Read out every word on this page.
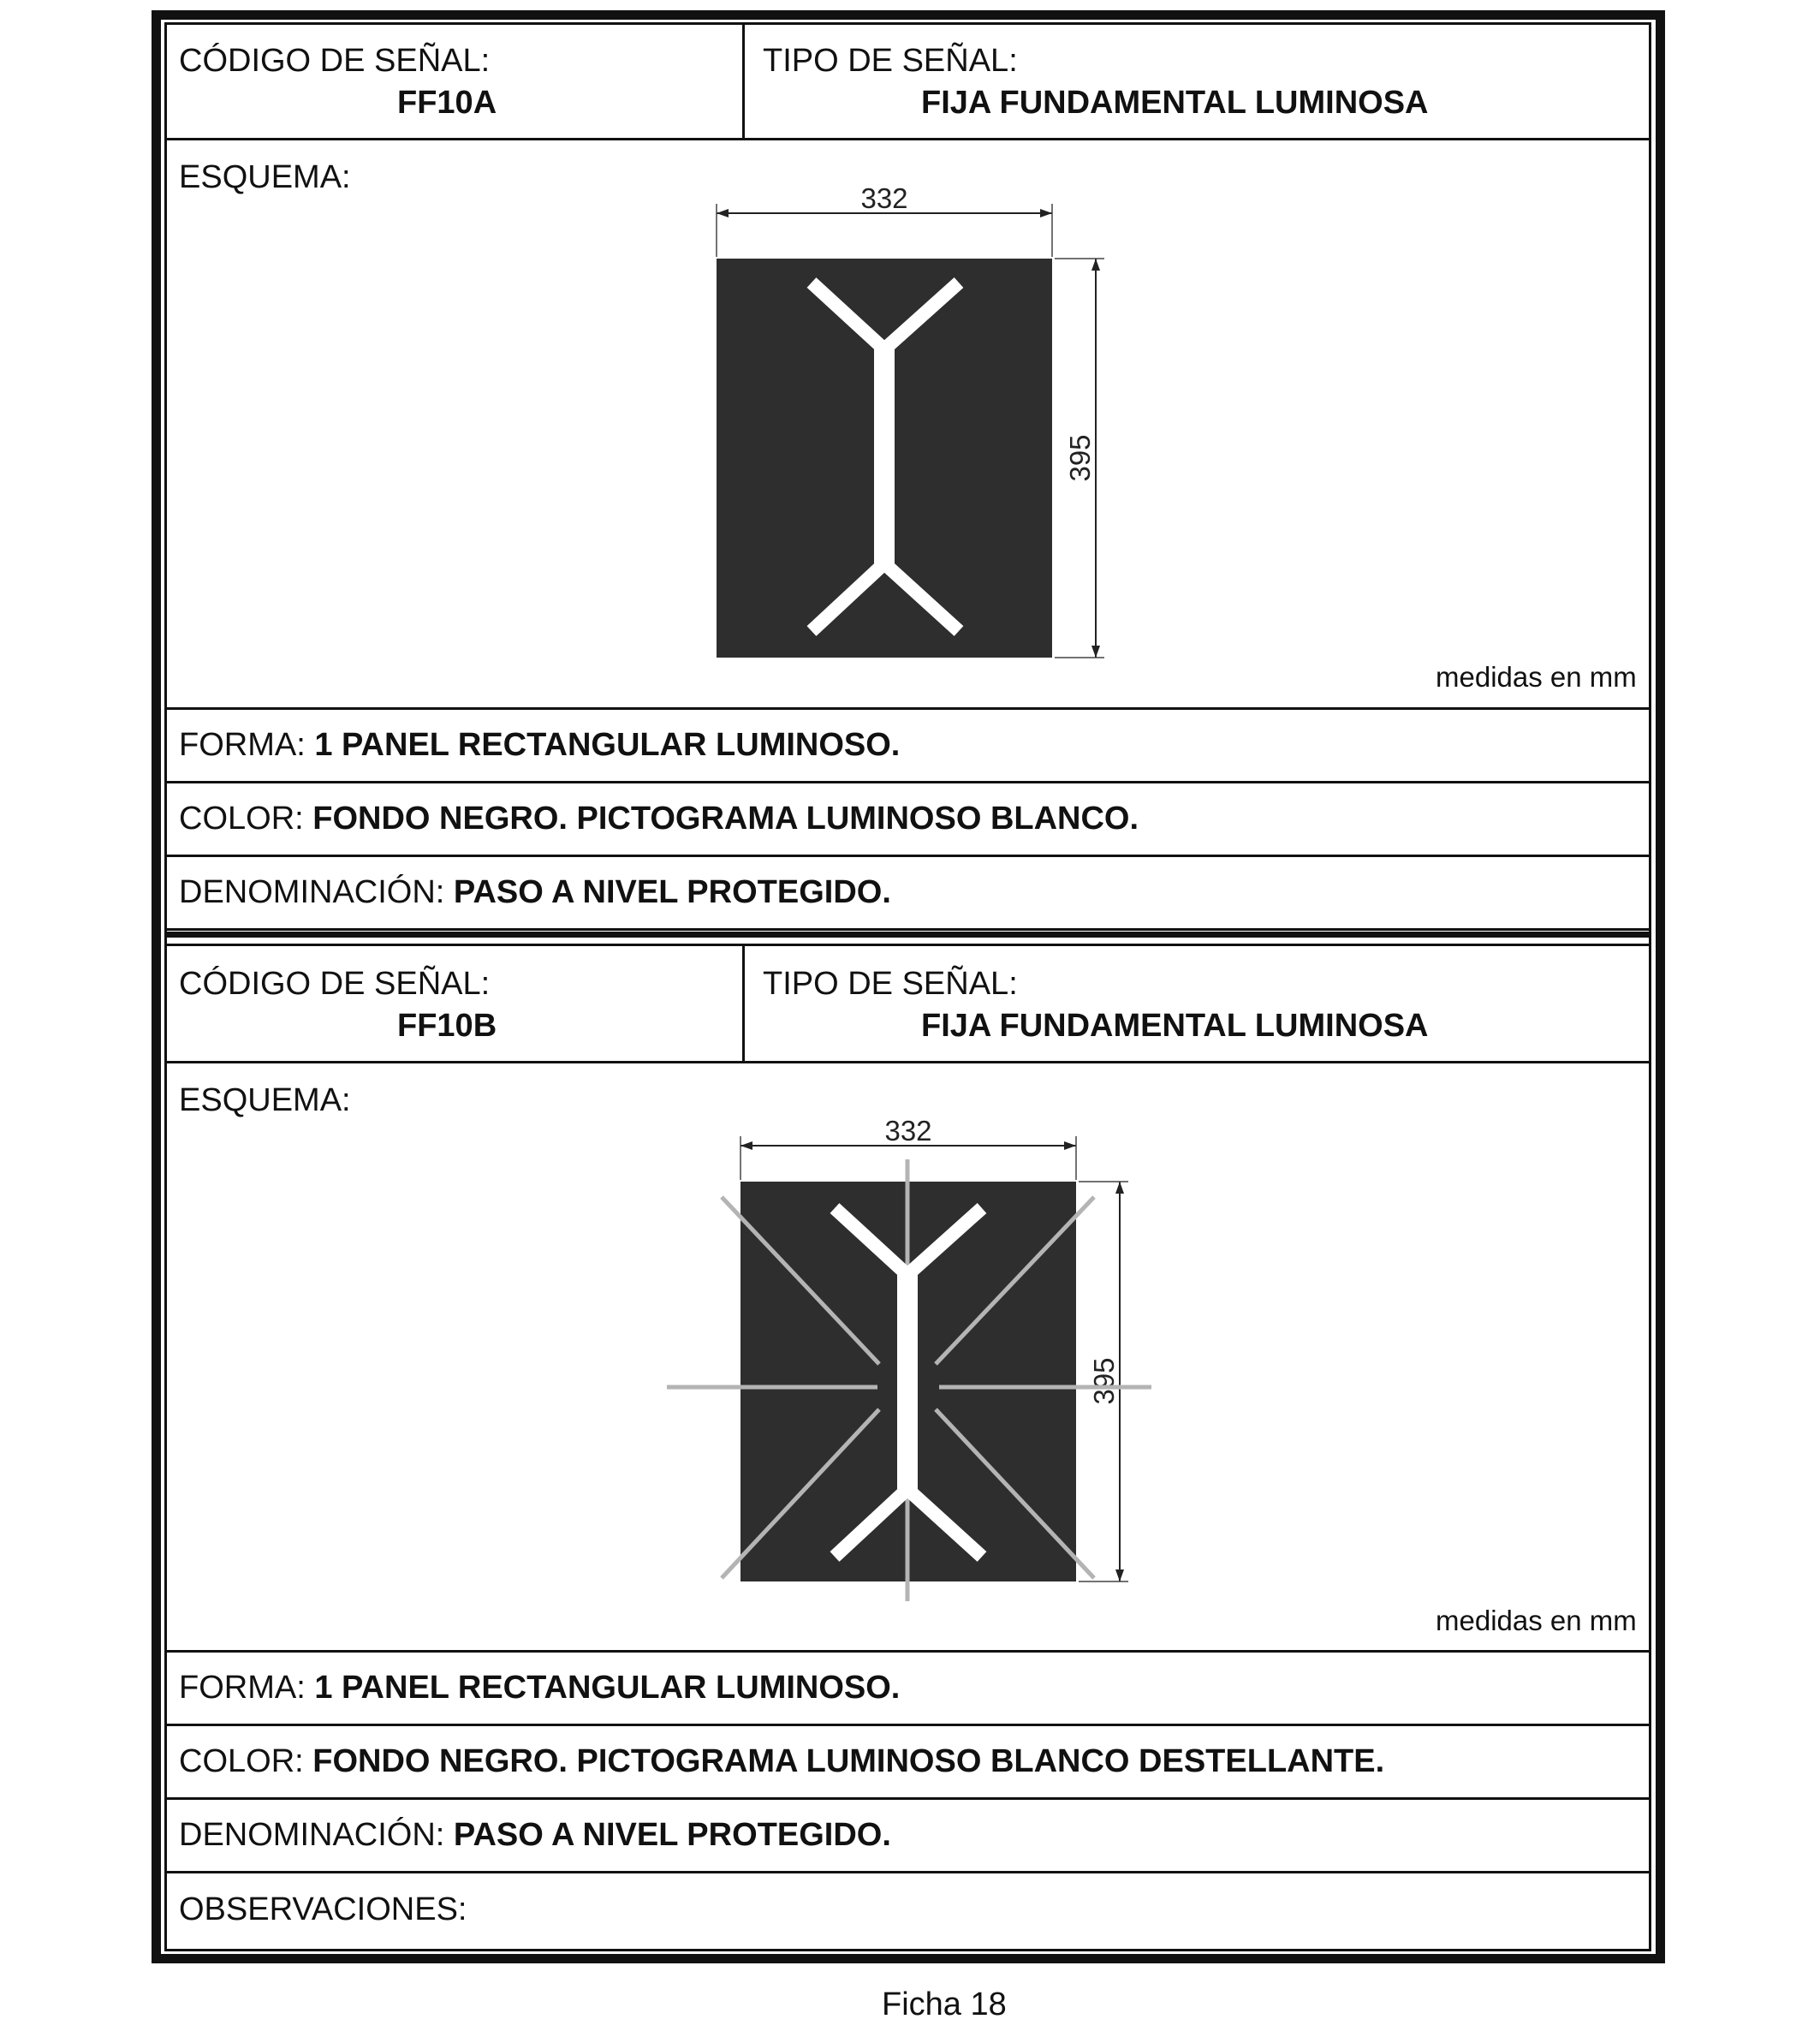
CÓDIGO DE SEÑAL:
FF10A
TIPO DE SEÑAL:
FIJA FUNDAMENTAL LUMINOSA
ESQUEMA:
332
395
medidas en mm
FORMA: 1 PANEL RECTANGULAR LUMINOSO.
COLOR: FONDO NEGRO. PICTOGRAMA LUMINOSO BLANCO.
DENOMINACIÓN: PASO A NIVEL PROTEGIDO.
CÓDIGO DE SEÑAL:
FF10B
TIPO DE SEÑAL:
FIJA FUNDAMENTAL LUMINOSA
ESQUEMA:
332
395
medidas en mm
FORMA: 1 PANEL RECTANGULAR LUMINOSO.
COLOR: FONDO NEGRO. PICTOGRAMA LUMINOSO BLANCO DESTELLANTE.
DENOMINACIÓN: PASO A NIVEL PROTEGIDO.
OBSERVACIONES:
Ficha 18
